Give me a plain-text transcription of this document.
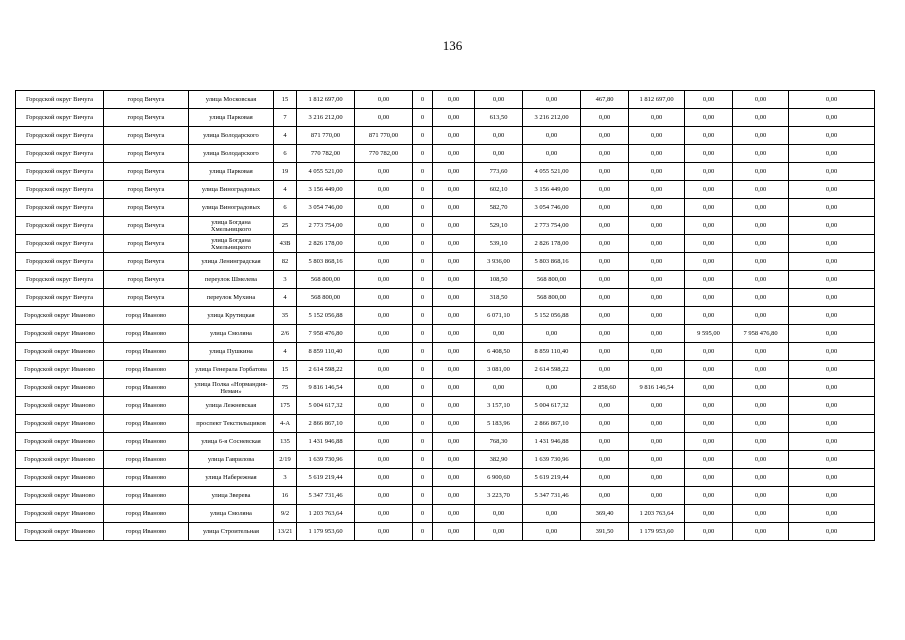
136
Городской округ Вичуга	город Вичуга	улица Московская	15	1 812 697,00	0,00	0	0,00	0,00	0,00	467,80	1 812 697,00	0,00	0,00	0,00
Городской округ Вичуга	город Вичуга	улица Парковая	7	3 216 212,00	0,00	0	0,00	613,50	3 216 212,00	0,00	0,00	0,00	0,00	0,00
Городской округ Вичуга	город Вичуга	улица Володарского	4	871 770,00	871 770,00	0	0,00	0,00	0,00	0,00	0,00	0,00	0,00	0,00
Городской округ Вичуга	город Вичуга	улица Володарского	6	770 782,00	770 782,00	0	0,00	0,00	0,00	0,00	0,00	0,00	0,00	0,00
Городской округ Вичуга	город Вичуга	улица Парковая	19	4 055 521,00	0,00	0	0,00	773,60	4 055 521,00	0,00	0,00	0,00	0,00	0,00
Городской округ Вичуга	город Вичуга	улица Виноградовых	4	3 156 449,00	0,00	0	0,00	602,10	3 156 449,00	0,00	0,00	0,00	0,00	0,00
Городской округ Вичуга	город Вичуга	улица Виноградовых	6	3 054 746,00	0,00	0	0,00	582,70	3 054 746,00	0,00	0,00	0,00	0,00	0,00
Городской округ Вичуга	город Вичуга	улица Богдана Хмельницкого	25	2 773 754,00	0,00	0	0,00	529,10	2 773 754,00	0,00	0,00	0,00	0,00	0,00
Городской округ Вичуга	город Вичуга	улица Богдана Хмельницкого	43В	2 826 178,00	0,00	0	0,00	539,10	2 826 178,00	0,00	0,00	0,00	0,00	0,00
Городской округ Вичуга	город Вичуга	улица Ленинградская	82	5 803 868,16	0,00	0	0,00	3 936,00	5 803 868,16	0,00	0,00	0,00	0,00	0,00
Городской округ Вичуга	город Вичуга	переулок Шмелева	3	568 800,00	0,00	0	0,00	108,50	568 800,00	0,00	0,00	0,00	0,00	0,00
Городской округ Вичуга	город Вичуга	переулок Мухина	4	568 800,00	0,00	0	0,00	318,50	568 800,00	0,00	0,00	0,00	0,00	0,00
Городской округ Иваново	город Иваново	улица Крутицкая	35	5 152 056,88	0,00	0	0,00	6 071,10	5 152 056,88	0,00	0,00	0,00	0,00	0,00
Городской округ Иваново	город Иваново	улица Смоляна	2/6	7 958 476,80	0,00	0	0,00	0,00	0,00	0,00	0,00	9 595,00	7 958 476,80	0,00
Городской округ Иваново	город Иваново	улица Пушкина	4	8 859 110,40	0,00	0	0,00	6 408,50	8 859 110,40	0,00	0,00	0,00	0,00	0,00
Городской округ Иваново	город Иваново	улица Генерала Горбатова	15	2 614 598,22	0,00	0	0,00	3 081,00	2 614 598,22	0,00	0,00	0,00	0,00	0,00
Городской округ Иваново	город Иваново	улица Полка «Нормандия-Неман»	75	9 816 146,54	0,00	0	0,00	0,00	0,00	2 858,60	9 816 146,54	0,00	0,00	0,00
Городской округ Иваново	город Иваново	улица Лежневская	175	5 004 617,32	0,00	0	0,00	3 157,10	5 004 617,32	0,00	0,00	0,00	0,00	0,00
Городской округ Иваново	город Иваново	проспект Текстильщиков	4-А	2 866 867,10	0,00	0	0,00	5 183,96	2 866 867,10	0,00	0,00	0,00	0,00	0,00
Городской округ Иваново	город Иваново	улица 6-я Сосневская	135	1 431 946,88	0,00	0	0,00	768,30	1 431 946,88	0,00	0,00	0,00	0,00	0,00
Городской округ Иваново	город Иваново	улица Гаврилова	2/19	1 639 730,96	0,00	0	0,00	382,90	1 639 730,96	0,00	0,00	0,00	0,00	0,00
Городской округ Иваново	город Иваново	улица Набережная	3	5 619 219,44	0,00	0	0,00	6 900,60	5 619 219,44	0,00	0,00	0,00	0,00	0,00
Городской округ Иваново	город Иваново	улица Зверева	16	5 347 731,46	0,00	0	0,00	3 223,70	5 347 731,46	0,00	0,00	0,00	0,00	0,00
Городской округ Иваново	город Иваново	улица Смоляна	9/2	1 203 763,64	0,00	0	0,00	0,00	0,00	369,40	1 203 763,64	0,00	0,00	0,00
Городской округ Иваново	город Иваново	улица Строительная	13/21	1 179 953,60	0,00	0	0,00	0,00	0,00	391,50	1 179 953,60	0,00	0,00	0,00
